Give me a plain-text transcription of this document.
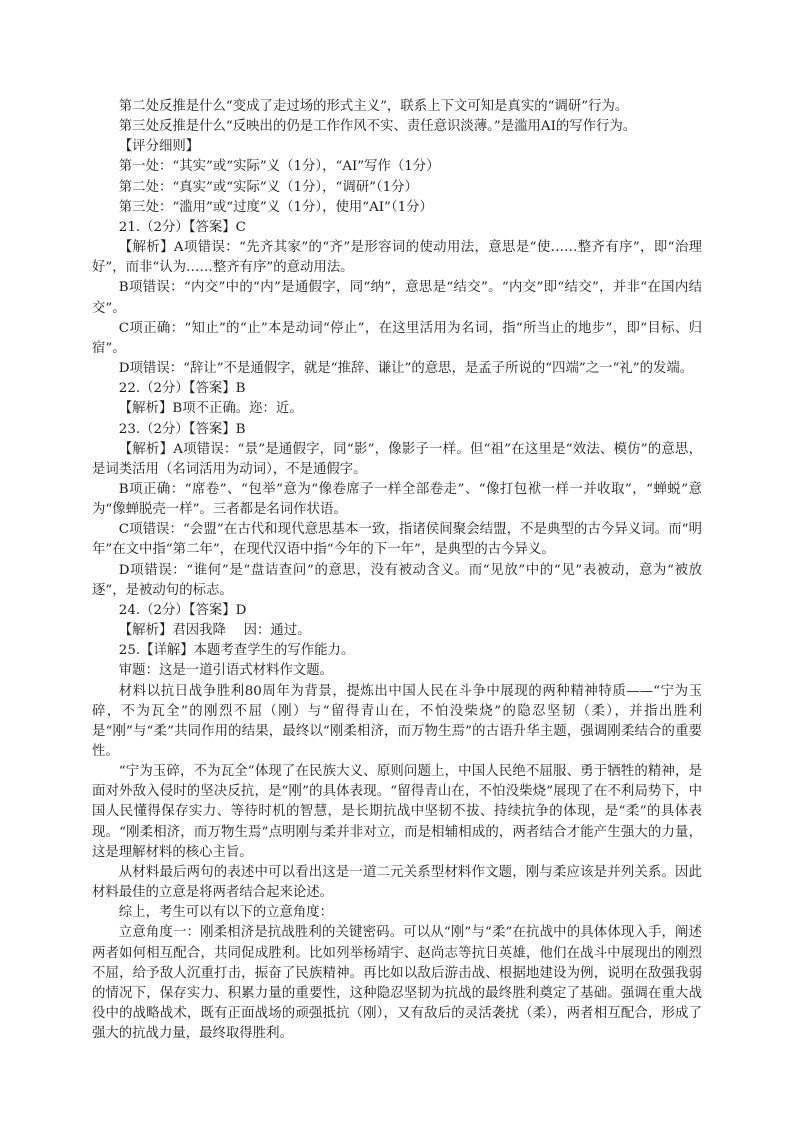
第二处反推是什么“变成了走过场的形式主义”，联系上下文可知是真实的“调研”行为。

第三处反推是什么“反映出的仍是工作作风不实、责任意识淡薄。”是滥用AI的写作行为。

【评分细则】

第一处：“其实”或“实际”义（1分），“AI”写作（1分）

第二处：“真实”或“实际”义（1分），“调研”（1分）

第三处：“滥用”或“过度”义（1分），使用“AI”（1分）

21.（2分）【答案】C

【解析】A项错误：“先齐其家”的“齐”是形容词的使动用法，意思是“使……整齐有序”，即“治理好”，而非“认为……整齐有序”的意动用法。

B项错误：“内交”中的“内”是通假字，同“纳”，意思是“结交”。“内交”即“结交”，并非“在国内结交”。

C项正确：“知止”的“止”本是动词“停止”，在这里活用为名词，指“所当止的地步”，即“目标、归宿”。

D项错误：“辞让”不是通假字，就是“推辞、谦让”的意思，是孟子所说的“四端”之一“礼”的发端。

22.（2分）【答案】B

【解析】B项不正确。迩：近。

23.（2分）【答案】B

【解析】A项错误：“景”是通假字，同“影”，像影子一样。但“祖”在这里是“效法、模仿”的意思，是词类活用（名词活用为动词），不是通假字。

B项正确：“席卷”、“包举”意为“像卷席子一样全部卷走”、“像打包袱一样一并收取”，“蝉蜕”意为“像蝉脱壳一样”。三者都是名词作状语。

C项错误：“会盟”在古代和现代意思基本一致，指诸侯间聚会结盟，不是典型的古今异义词。而“明年”在文中指“第二年”，在现代汉语中指“今年的下一年”，是典型的古今异义。

D项错误：“谁何”是“盘诘查问”的意思，没有被动含义。而“见放”中的“见”表被动，意为“被放逐”，是被动句的标志。

24.（2分）【答案】D

【解析】君因我降　 因：通过。

25.【详解】本题考查学生的写作能力。

审题：这是一道引语式材料作文题。

材料以抗日战争胜利80周年为背景，提炼出中国人民在斗争中展现的两种精神特质——“宁为玉碎，不为瓦全”的刚烈不屈（刚）与“留得青山在，不怕没柴烧”的隐忍坚韧（柔），并指出胜利是“刚”与“柔”共同作用的结果，最终以“刚柔相济，而万物生焉”的古语升华主题，强调刚柔结合的重要性。

“宁为玉碎，不为瓦全”体现了在民族大义、原则问题上，中国人民绝不屈服、勇于牺牲的精神，是面对外敌入侵时的坚决反抗，是“刚”的具体表现。“留得青山在，不怕没柴烧”展现了在不利局势下，中国人民懂得保存实力、等待时机的智慧，是长期抗战中坚韧不拔、持续抗争的体现，是“柔”的具体表现。“刚柔相济，而万物生焉”点明刚与柔并非对立，而是相辅相成的，两者结合才能产生强大的力量，这是理解材料的核心主旨。

从材料最后两句的表述中可以看出这是一道二元关系型材料作文题，刚与柔应该是并列关系。因此材料最佳的立意是将两者结合起来论述。

综上，考生可以有以下的立意角度：

立意角度一：刚柔相济是抗战胜利的关键密码。可以从“刚”与“柔”在抗战中的具体体现入手，阐述两者如何相互配合，共同促成胜利。比如列举杨靖宇、赵尚志等抗日英雄，他们在战斗中展现出的刚烈不屈，给予敌人沉重打击，振奋了民族精神。再比如以敌后游击战、根据地建设为例，说明在敌强我弱的情况下，保存实力、积累力量的重要性，这种隐忍坚韧为抗战的最终胜利奠定了基础。强调在重大战役中的战略战术，既有正面战场的顽强抵抗（刚），又有敌后的灵活袭扰（柔），两者相互配合，形成了强大的抗战力量，最终取得胜利。
